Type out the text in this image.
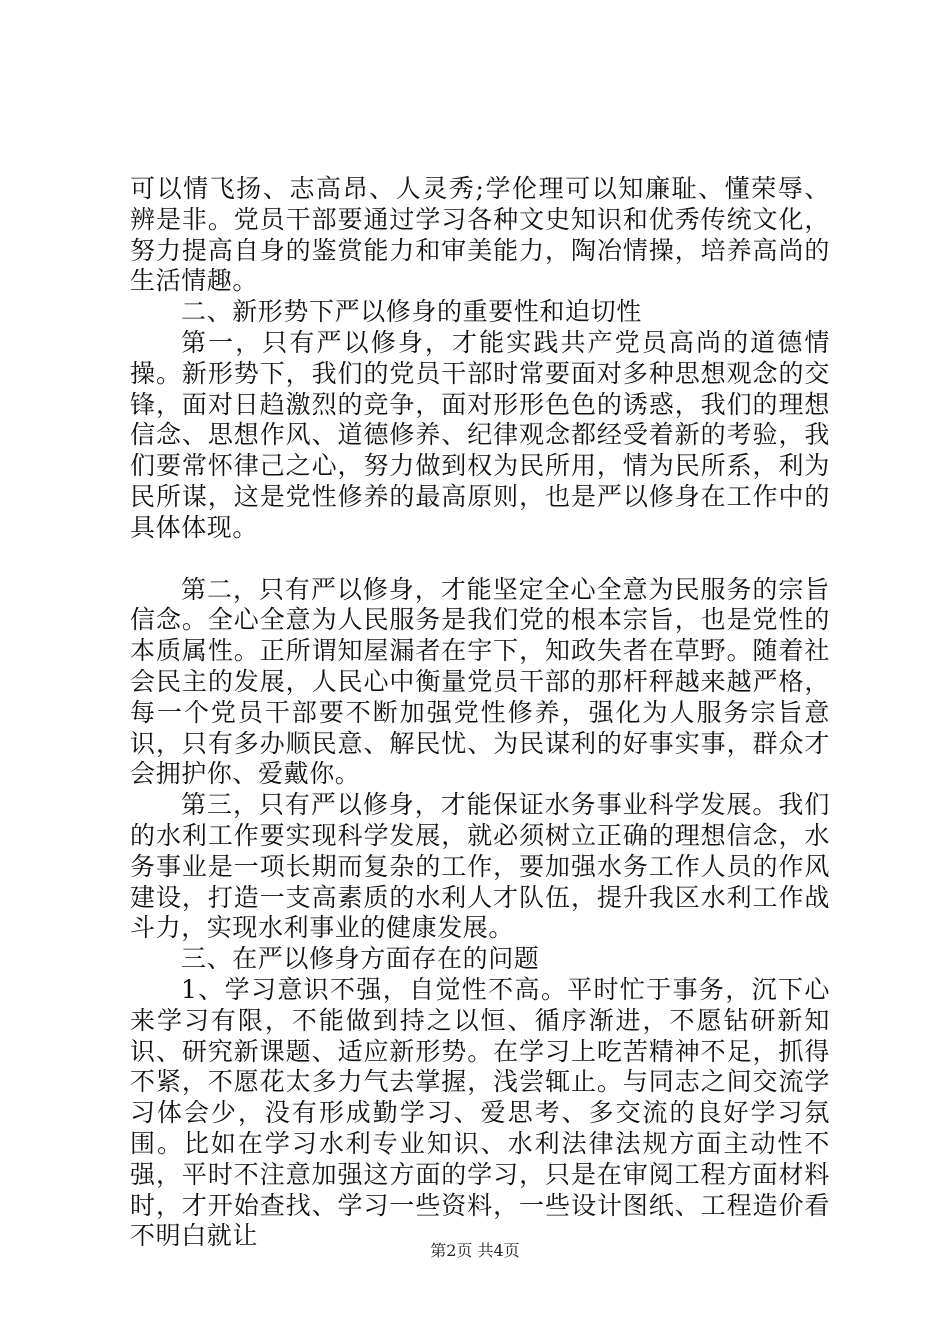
可以情飞扬、志高昂、人灵秀;学伦理可以知廉耻、懂荣辱、辨是非。党员干部要通过学习各种文史知识和优秀传统文化，努力提高自身的鉴赏能力和审美能力，陶冶情操，培养高尚的生活情趣。

二、新形势下严以修身的重要性和迫切性

第一，只有严以修身，才能实践共产党员高尚的道德情操。新形势下，我们的党员干部时常要面对多种思想观念的交锋，面对日趋激烈的竞争，面对形形色色的诱惑，我们的理想信念、思想作风、道德修养、纪律观念都经受着新的考验，我们要常怀律己之心，努力做到权为民所用，情为民所系，利为民所谋，这是党性修养的最高原则，也是严以修身在工作中的具体体现。

第二，只有严以修身，才能坚定全心全意为民服务的宗旨信念。全心全意为人民服务是我们党的根本宗旨，也是党性的本质属性。正所谓知屋漏者在宇下，知政失者在草野。随着社会民主的发展，人民心中衡量党员干部的那杆秤越来越严格，每一个党员干部要不断加强党性修养，强化为人服务宗旨意识，只有多办顺民意、解民忧、为民谋利的好事实事，群众才会拥护你、爱戴你。

第三，只有严以修身，才能保证水务事业科学发展。我们的水利工作要实现科学发展，就必须树立正确的理想信念，水务事业是一项长期而复杂的工作，要加强水务工作人员的作风建设，打造一支高素质的水利人才队伍，提升我区水利工作战斗力，实现水利事业的健康发展。

三、在严以修身方面存在的问题

1、学习意识不强，自觉性不高。平时忙于事务，沉下心来学习有限，不能做到持之以恒、循序渐进，不愿钻研新知识、研究新课题、适应新形势。在学习上吃苦精神不足，抓得不紧，不愿花太多力气去掌握，浅尝辄止。与同志之间交流学习体会少，没有形成勤学习、爱思考、多交流的良好学习氛围。比如在学习水利专业知识、水利法律法规方面主动性不强，平时不注意加强这方面的学习，只是在审阅工程方面材料时，才开始查找、学习一些资料，一些设计图纸、工程造价看不明白就让

第2页 共4页
